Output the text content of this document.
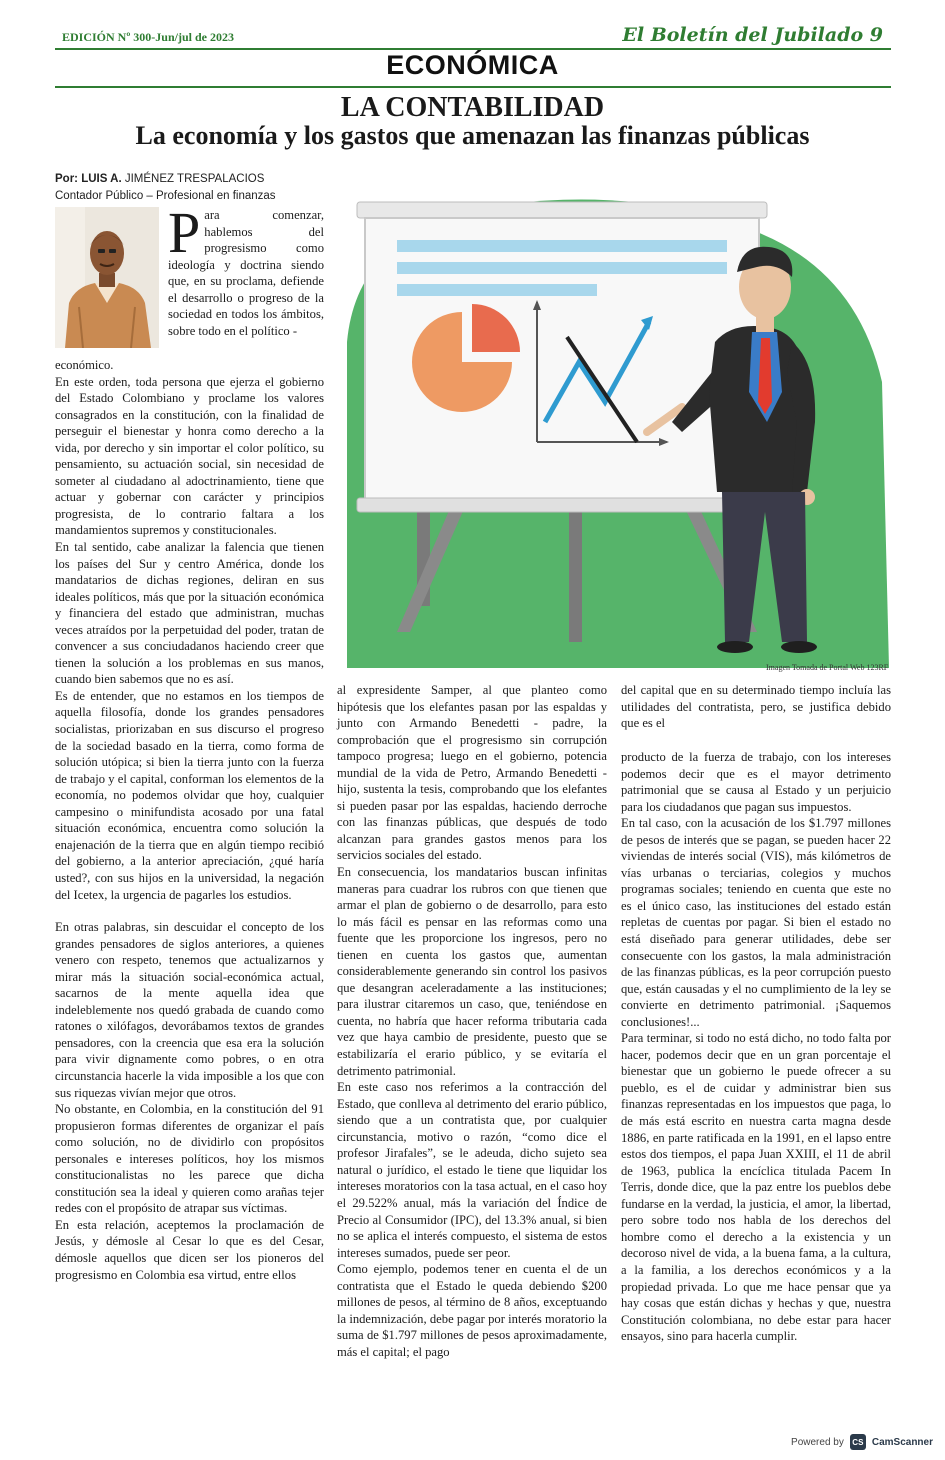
EDICIÓN Nº 300-Jun/jul de 2023	El Boletín del Jubilado 9
ECONÓMICA
LA CONTABILIDAD
La economía y los gastos que amenazan las finanzas públicas
Por: LUIS A. JIMÉNEZ TRESPALACIOS
Contador Público – Profesional en finanzas
Para comenzar, hablemos del progresismo como ideología y doctrina siendo que, en su proclama, defiende el desarrollo o progreso de la sociedad en todos los ámbitos, sobre todo en el político -

económico.

En este orden, toda persona que ejerza el gobierno del Estado Colombiano y proclame los valores consagrados en la constitución, con la finalidad de perseguir el bienestar y honra como derecho a la vida, por derecho y sin importar el color político, su pensamiento, su actuación social, sin necesidad de someter al ciudadano al adoctrinamiento, tiene que actuar y gobernar con carácter y principios progresista, de lo contrario faltara a los mandamientos supremos y constitucionales.

En tal sentido, cabe analizar la falencia que tienen los países del Sur y centro América, donde los mandatarios de dichas regiones, deliran en sus ideales políticos, más que por la situación económica y financiera del estado que administran, muchas veces atraídos por la perpetuidad del poder, tratan de convencer a sus conciudadanos haciendo creer que tienen la solución a los problemas en sus manos, cuando bien sabemos que no es así.

Es de entender, que no estamos en los tiempos de aquella filosofía, donde los grandes pensadores socialistas, priorizaban en sus discurso el progreso de la sociedad basado en la tierra, como forma de solución utópica; si bien la tierra junto con la fuerza de trabajo y el capital, conforman los elementos de la economía, no podemos olvidar que hoy, cualquier campesino o minifundista acosado por una fatal situación económica, encuentra como solución la enajenación de la tierra que en algún tiempo recibió del gobierno, a la anterior apreciación, ¿qué haría usted?, con sus hijos en la universidad, la negación del Icetex, la urgencia de pagarles los estudios.

En otras palabras, sin descuidar el concepto de los grandes pensadores de siglos anteriores, a quienes venero con respeto, tenemos que actualizarnos y mirar más la situación social-económica actual, sacarnos de la mente aquella idea que indeleblemente nos quedó grabada de cuando como ratones o xilófagos, devorábamos textos de grandes pensadores, con la creencia que esa era la solución para vivir dignamente como pobres, o en otra circunstancia hacerle la vida imposible a los que con sus riquezas vivían mejor que otros.

No obstante, en Colombia, en la constitución del 91 propusieron formas diferentes de organizar el país como solución, no de dividirlo con propósitos personales e intereses políticos, hoy los mismos constitucionalistas no les parece que dicha constitución sea la ideal y quieren como arañas tejer redes con el propósito de atrapar sus víctimas.

En esta relación, aceptemos la proclamación de Jesús, y démosle al Cesar lo que es del Cesar, démosle aquellos que dicen ser los pioneros del progresismo en Colombia esa virtud, entre ellos

Imagen Tomada de Portal Web 123RF

al expresidente Samper, al que planteo como hipótesis que los elefantes pasan por las espaldas y junto con Armando Benedetti - padre, la comprobación que el progresismo sin corrupción tampoco progresa; luego en el gobierno, potencia mundial de la vida de Petro, Armando Benedetti - hijo, sustenta la tesis, comprobando que los elefantes si pueden pasar por las espaldas, haciendo derroche con las finanzas públicas, que después de todo alcanzan para grandes gastos menos para los servicios sociales del estado.

En consecuencia, los mandatarios buscan infinitas maneras para cuadrar los rubros con que tienen que armar el plan de gobierno o de desarrollo, para esto lo más fácil es pensar en las reformas como una fuente que les proporcione los ingresos, pero no tienen en cuenta los gastos que, aumentan considerablemente generando sin control los pasivos que desangran aceleradamente a las instituciones; para ilustrar citaremos un caso, que, teniéndose en cuenta, no habría que hacer reforma tributaria cada vez que haya cambio de presidente, puesto que se estabilizaría el erario público, y se evitaría el detrimento patrimonial.

En este caso nos referimos a la contracción del Estado, que conlleva al detrimento del erario público, siendo que a un contratista que, por cualquier circunstancia, motivo o razón, “como dice el profesor Jirafales”, se le adeuda, dicho sujeto sea natural o jurídico, el estado le tiene que liquidar los intereses moratorios con la tasa actual, en el caso hoy el 29.522% anual, más la variación del Índice de Precio al Consumidor (IPC), del 13.3% anual, si bien no se aplica el interés compuesto, el sistema de estos intereses sumados, puede ser peor.

Como ejemplo, podemos tener en cuenta el de un contratista que el Estado le queda debiendo $200 millones de pesos, al término de 8 años, exceptuando la indemnización, debe pagar por interés moratorio la suma de $1.797 millones de pesos aproximadamente, más el capital; el pago

del capital que en su determinado tiempo incluía las utilidades del contratista, pero, se justifica debido que es el

producto de la fuerza de trabajo, con los intereses podemos decir que es el mayor detrimento patrimonial que se causa al Estado y un perjuicio para los ciudadanos que pagan sus impuestos.

En tal caso, con la acusación de los $1.797 millones de pesos de interés que se pagan, se pueden hacer 22 viviendas de interés social (VIS), más kilómetros de vías urbanas o terciarias, colegios y muchos programas sociales; teniendo en cuenta que este no es el único caso, las instituciones del estado están repletas de cuentas por pagar. Si bien el estado no está diseñado para generar utilidades, debe ser consecuente con los gastos, la mala administración de las finanzas públicas, es la peor corrupción puesto que, están causadas y el no cumplimiento de la ley se convierte en detrimento patrimonial. ¡Saquemos conclusiones!...

Para terminar, si todo no está dicho, no todo falta por hacer, podemos decir que en un gran porcentaje el bienestar que un gobierno le puede ofrecer a su pueblo, es el de cuidar y administrar bien sus finanzas representadas en los impuestos que paga, lo de más está escrito en nuestra carta magna desde 1886, en parte ratificada en la 1991, en el lapso entre estos dos tiempos, el papa Juan XXIII, el 11 de abril de 1963, publica la encíclica titulada Pacem In Terris, donde dice, que la paz entre los pueblos debe fundarse en la verdad, la justicia, el amor, la libertad, pero sobre todo nos habla de los derechos del hombre como el derecho a la existencia y un decoroso nivel de vida, a la buena fama, a la cultura, a la familia, a los derechos económicos y a la propiedad privada. Lo que me hace pensar que ya hay cosas que están dichas y hechas y que, nuestra Constitución colombiana, no debe estar para hacer ensayos, sino para hacerla cumplir.

Powered by	CS CamScanner
